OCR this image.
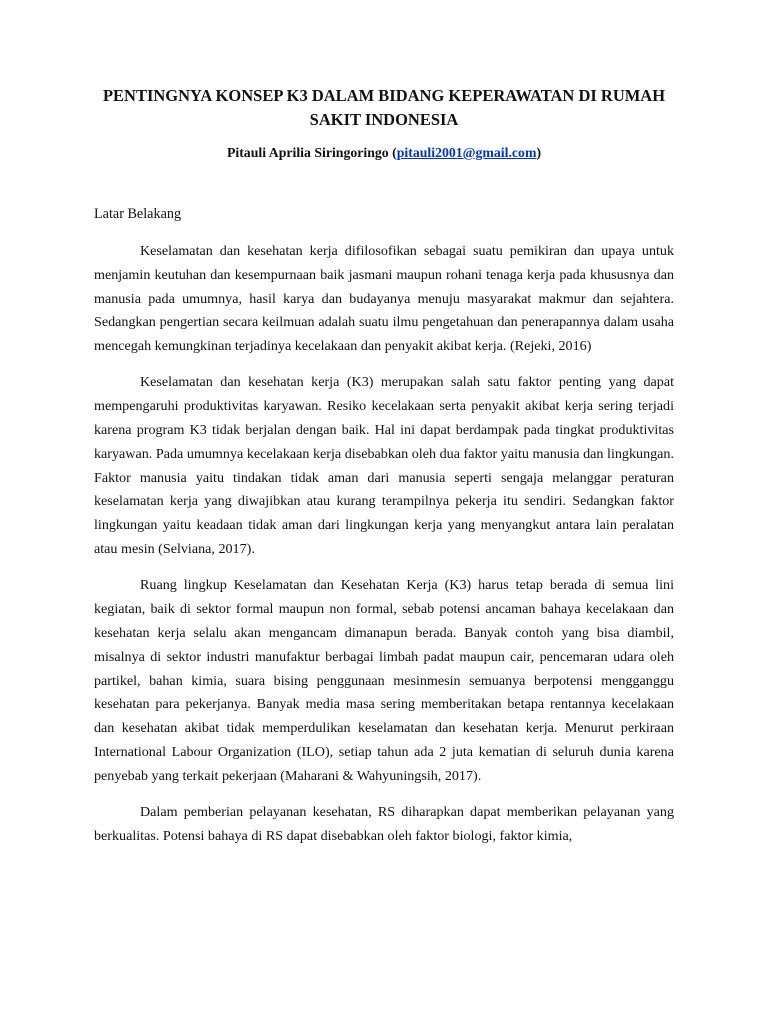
PENTINGNYA KONSEP K3 DALAM BIDANG KEPERAWATAN DI RUMAH SAKIT INDONESIA
Pitauli Aprilia Siringoringo (pitauli2001@gmail.com)
Latar Belakang

Keselamatan dan kesehatan kerja difilosofikan sebagai suatu pemikiran dan upaya untuk menjamin keutuhan dan kesempurnaan baik jasmani maupun rohani tenaga kerja pada khususnya dan manusia pada umumnya, hasil karya dan budayanya menuju masyarakat makmur dan sejahtera. Sedangkan pengertian secara keilmuan adalah suatu ilmu pengetahuan dan penerapannya dalam usaha mencegah kemungkinan terjadinya kecelakaan dan penyakit akibat kerja. (Rejeki, 2016)

Keselamatan dan kesehatan kerja (K3) merupakan salah satu faktor penting yang dapat mempengaruhi produktivitas karyawan. Resiko kecelakaan serta penyakit akibat kerja sering terjadi karena program K3 tidak berjalan dengan baik. Hal ini dapat berdampak pada tingkat produktivitas karyawan. Pada umumnya kecelakaan kerja disebabkan oleh dua faktor yaitu manusia dan lingkungan. Faktor manusia yaitu tindakan tidak aman dari manusia seperti sengaja melanggar peraturan keselamatan kerja yang diwajibkan atau kurang terampilnya pekerja itu sendiri. Sedangkan faktor lingkungan yaitu keadaan tidak aman dari lingkungan kerja yang menyangkut antara lain peralatan atau mesin (Selviana, 2017).

Ruang lingkup Keselamatan dan Kesehatan Kerja (K3) harus tetap berada di semua lini kegiatan, baik di sektor formal maupun non formal, sebab potensi ancaman bahaya kecelakaan dan kesehatan kerja selalu akan mengancam dimanapun berada. Banyak contoh yang bisa diambil, misalnya di sektor industri manufaktur berbagai limbah padat maupun cair, pencemaran udara oleh partikel, bahan kimia, suara bising penggunaan mesinmesin semuanya berpotensi mengganggu kesehatan para pekerjanya. Banyak media masa sering memberitakan betapa rentannya kecelakaan dan kesehatan akibat tidak memperdulikan keselamatan dan kesehatan kerja. Menurut perkiraan International Labour Organization (ILO), setiap tahun ada 2 juta kematian di seluruh dunia karena penyebab yang terkait pekerjaan (Maharani & Wahyuningsih, 2017).

Dalam pemberian pelayanan kesehatan, RS diharapkan dapat memberikan pelayanan yang berkualitas. Potensi bahaya di RS dapat disebabkan oleh faktor biologi, faktor kimia,
